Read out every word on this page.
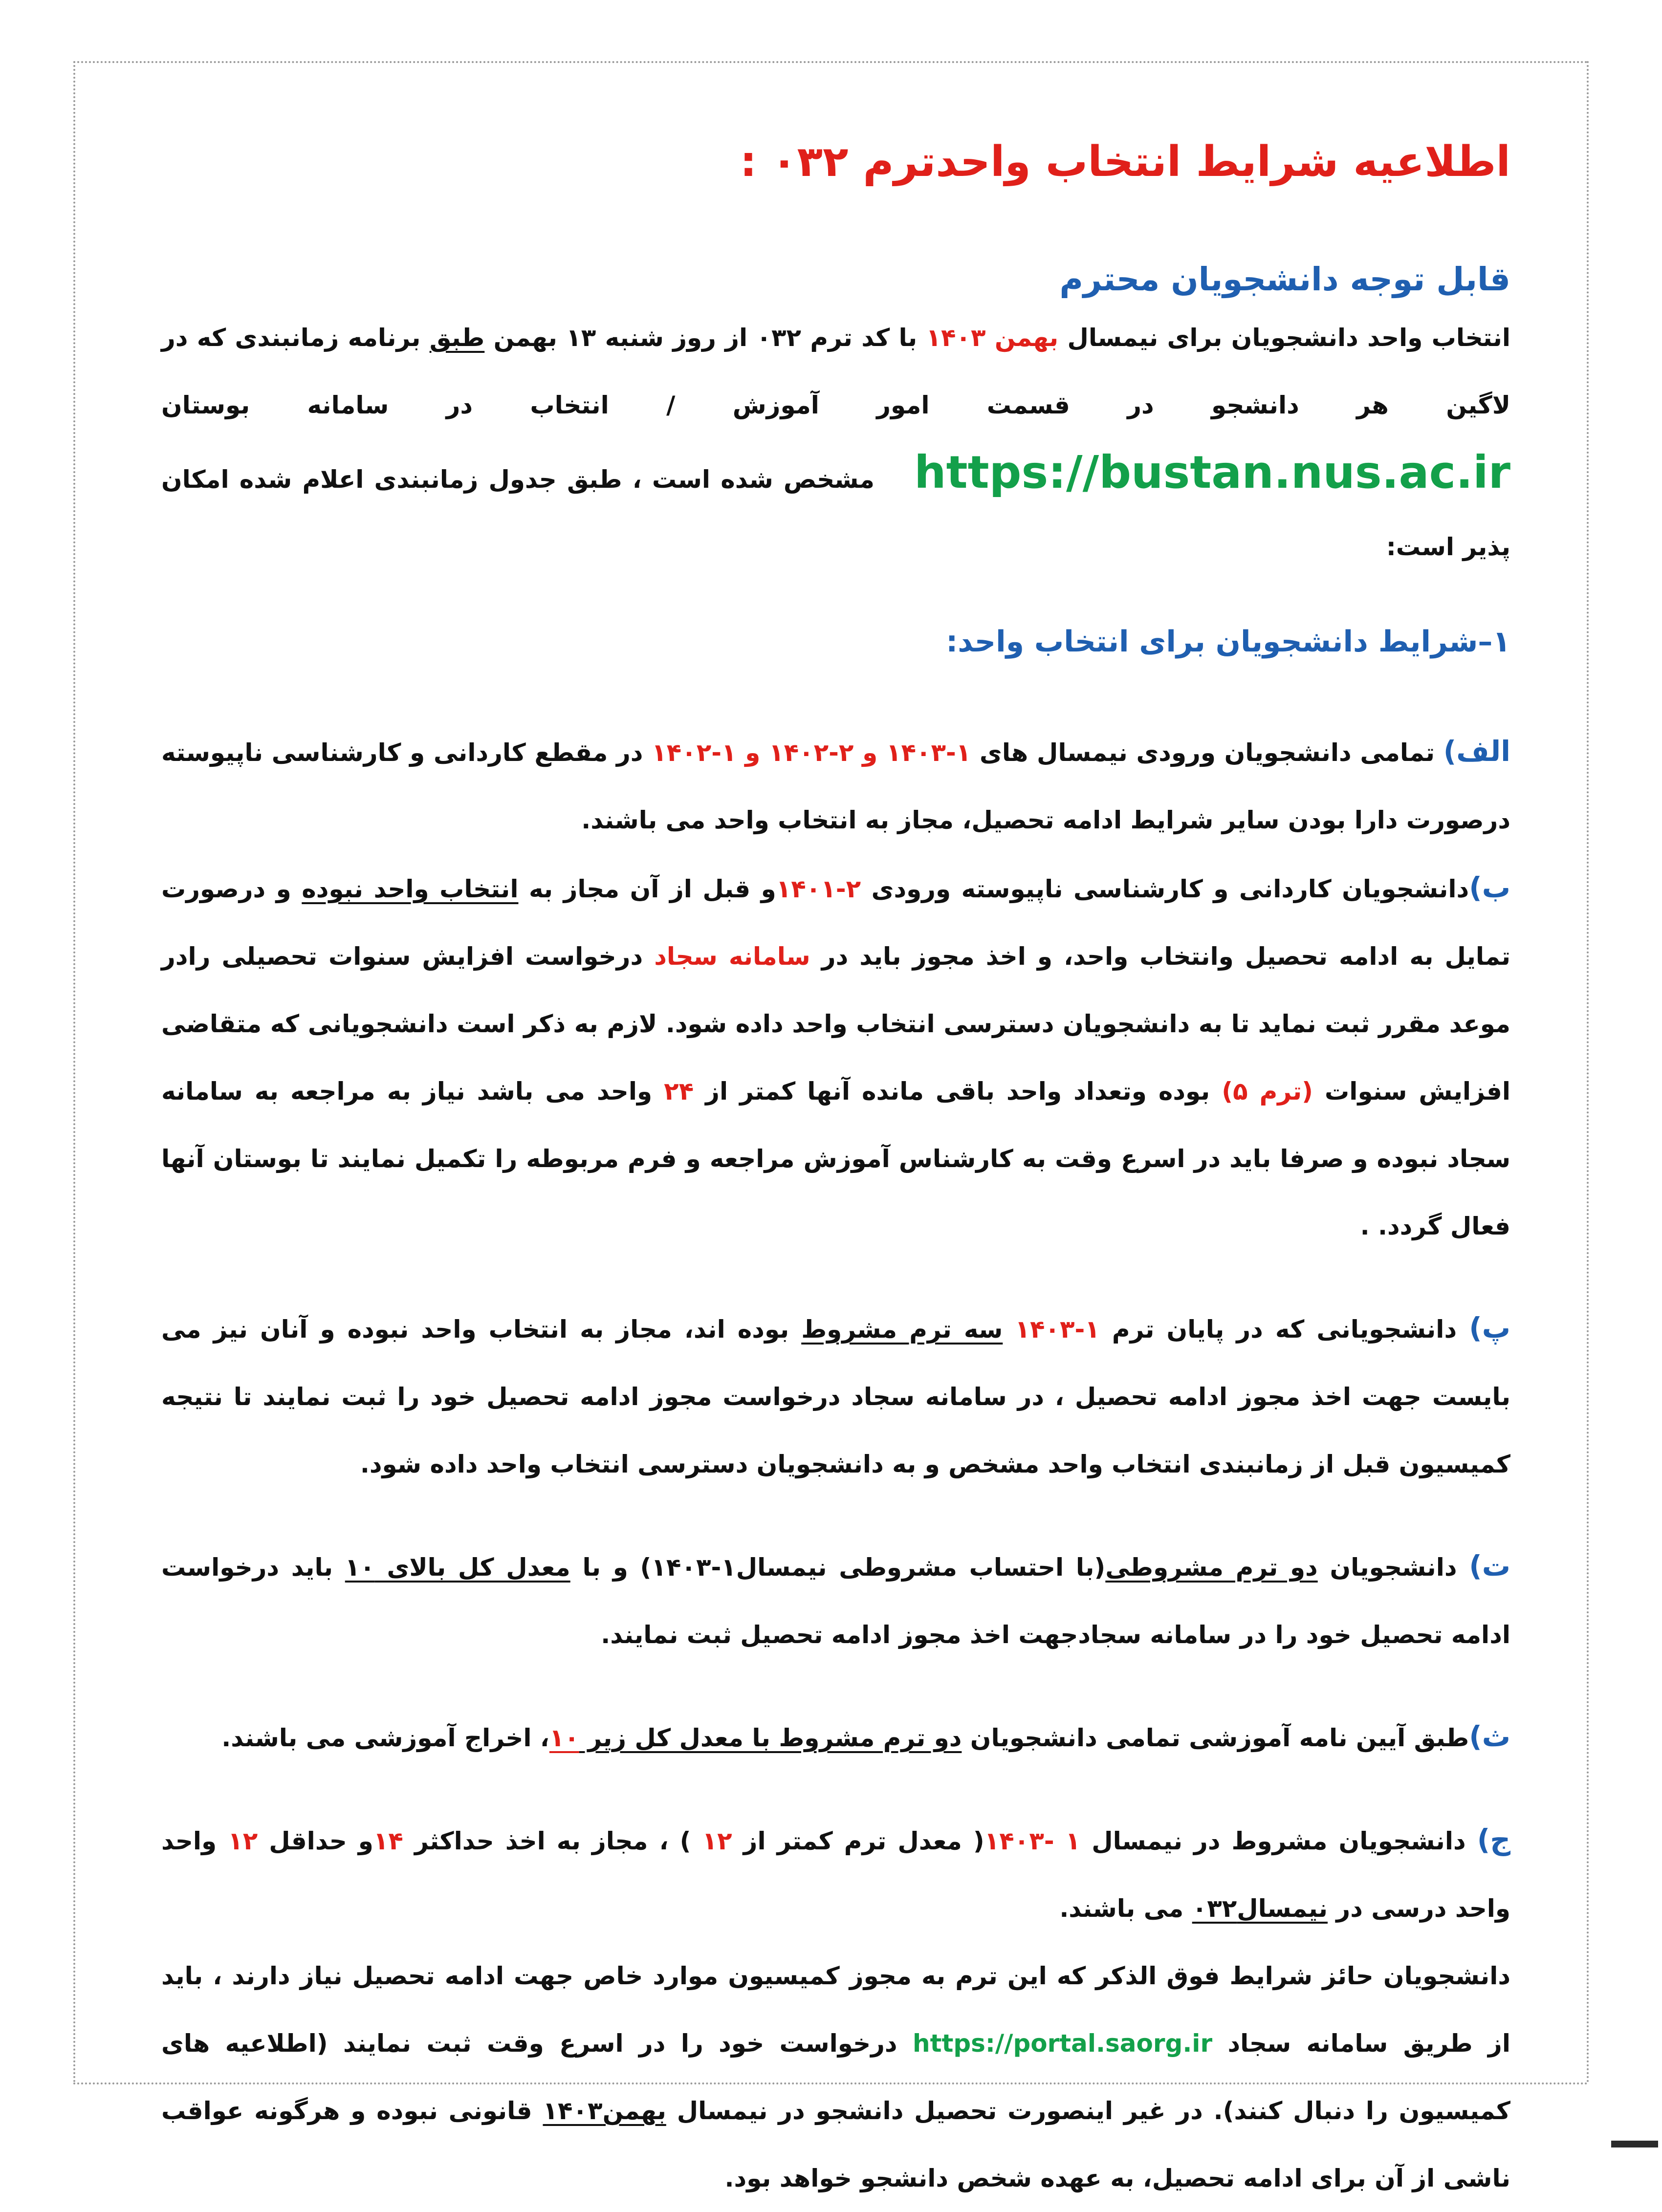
اطلاعیه شرایط انتخاب واحدترم ۰۳۲ :
قابل توجه دانشجویان محترم

انتخاب واحد دانشجویان برای نیمسال بهمن ۱۴۰۳ با کد ترم ۰۳۲ از روز شنبه ۱۳ بهمن طبق برنامه زمانبندی که در لاگین هر دانشجو در قسمت امور آموزش / انتخاب در سامانه بوستان https://bustan.nus.ac.ir مشخص شده است ، طبق جدول زمانبندی اعلام شده امکان پذیر است:

۱–شرایط دانشجویان برای انتخاب واحد:

الف) تمامی دانشجویان ورودی نیمسال های ۱-۱۴۰۳ و ۲-۱۴۰۲ و ۱-۱۴۰۲ در مقطع کاردانی و کارشناسی ناپیوسته درصورت دارا بودن سایر شرایط ادامه تحصیل، مجاز به انتخاب واحد می باشند.

ب)دانشجویان کاردانی و کارشناسی ناپیوسته ورودی ۲-۱۴۰۱و قبل از آن مجاز به انتخاب واحد نبوده و درصورت تمایل به ادامه تحصیل وانتخاب واحد، و اخذ مجوز باید در سامانه سجاد درخواست افزایش سنوات تحصیلی رادر موعد مقرر ثبت نماید تا به دانشجویان دسترسی انتخاب واحد داده شود. لازم به ذکر است دانشجویانی که متقاضی افزایش سنوات (ترم ۵) بوده وتعداد واحد باقی مانده آنها کمتر از ۲۴ واحد می باشد نیاز به مراجعه به سامانه سجاد نبوده و صرفا باید در اسرع وقت به کارشناس آموزش مراجعه و فرم مربوطه را تکمیل نمایند تا بوستان آنها فعال گردد. .

پ) دانشجویانی که در پایان ترم ۱-۱۴۰۳ سه ترم مشروط بوده اند، مجاز به انتخاب واحد نبوده و آنان نیز می بایست جهت اخذ مجوز ادامه تحصیل ، در سامانه سجاد درخواست مجوز ادامه تحصیل خود را ثبت نمایند تا نتیجه کمیسیون قبل از زمانبندی انتخاب واحد مشخص و به دانشجویان دسترسی انتخاب واحد داده شود.

ت) دانشجویان دو ترم مشروطی(با احتساب مشروطی نیمسال۱-۱۴۰۳) و با معدل کل بالای ۱۰ باید درخواست ادامه تحصیل خود را در سامانه سجادجهت اخذ مجوز ادامه تحصیل ثبت نمایند.

ث)طبق آیین نامه آموزشی تمامی دانشجویان دو ترم مشروط با معدل کل زیر ۱۰، اخراج آموزشی می باشند.

ج) دانشجویان مشروط در نیمسال ۱ -۱۴۰۳( معدل ترم کمتر از ۱۲ ) ، مجاز به اخذ حداکثر ۱۴و حداقل ۱۲ واحد واحد درسی در نیمسال۰۳۲ می باشند.

دانشجویان حائز شرایط فوق الذکر که این ترم به مجوز کمیسیون موارد خاص جهت ادامه تحصیل نیاز دارند ، باید از طریق سامانه سجاد https://portal.saorg.ir درخواست خود را در اسرع وقت ثبت نمایند (اطلاعیه های کمیسیون را دنبال کنند). در غیر اینصورت تحصیل دانشجو در نیمسال بهمن۱۴۰۳ قانونی نبوده و هرگونه عواقب ناشی از آن برای ادامه تحصیل، به عهده شخص دانشجو خواهد بود.
